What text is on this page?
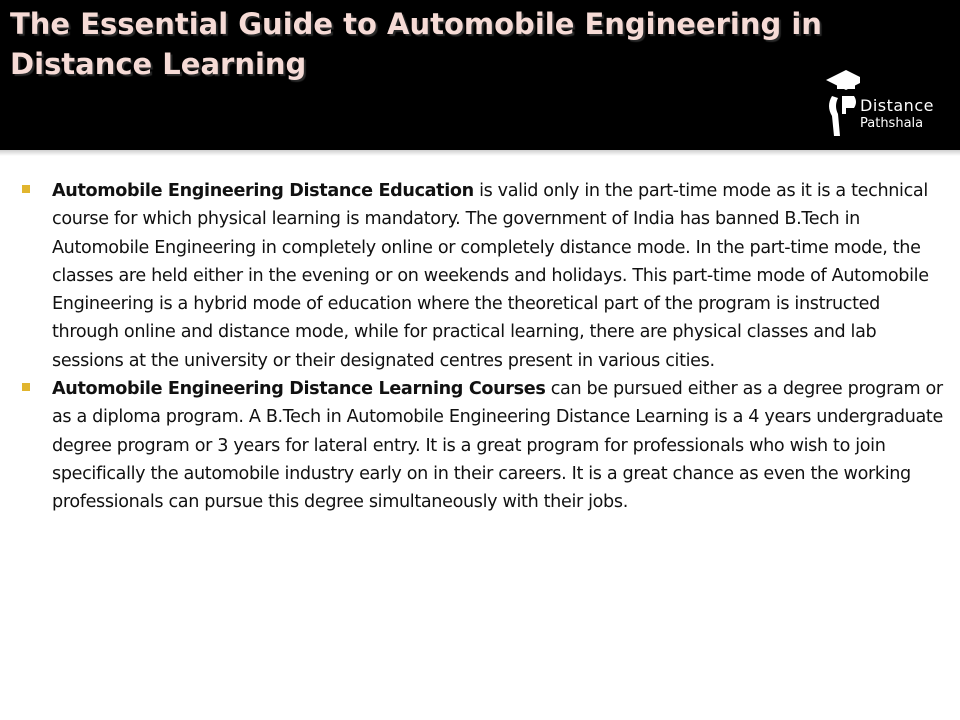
The Essential Guide to Automobile Engineering in Distance Learning
Distance
Pathshala
Automobile Engineering Distance Education is valid only in the part-time mode as it is a technical course for which physical learning is mandatory. The government of India has banned B.Tech in Automobile Engineering in completely online or completely distance mode. In the part-time mode, the classes are held either in the evening or on weekends and holidays. This part-time mode of Automobile Engineering is a hybrid mode of education where the theoretical part of the program is instructed through online and distance mode, while for practical learning, there are physical classes and lab sessions at the university or their designated centres present in various cities.
Automobile Engineering Distance Learning Courses can be pursued either as a degree program or as a diploma program. A B.Tech in Automobile Engineering Distance Learning is a 4 years undergraduate degree program or 3 years for lateral entry. It is a great program for professionals who wish to join specifically the automobile industry early on in their careers. It is a great chance as even the working professionals can pursue this degree simultaneously with their jobs.
